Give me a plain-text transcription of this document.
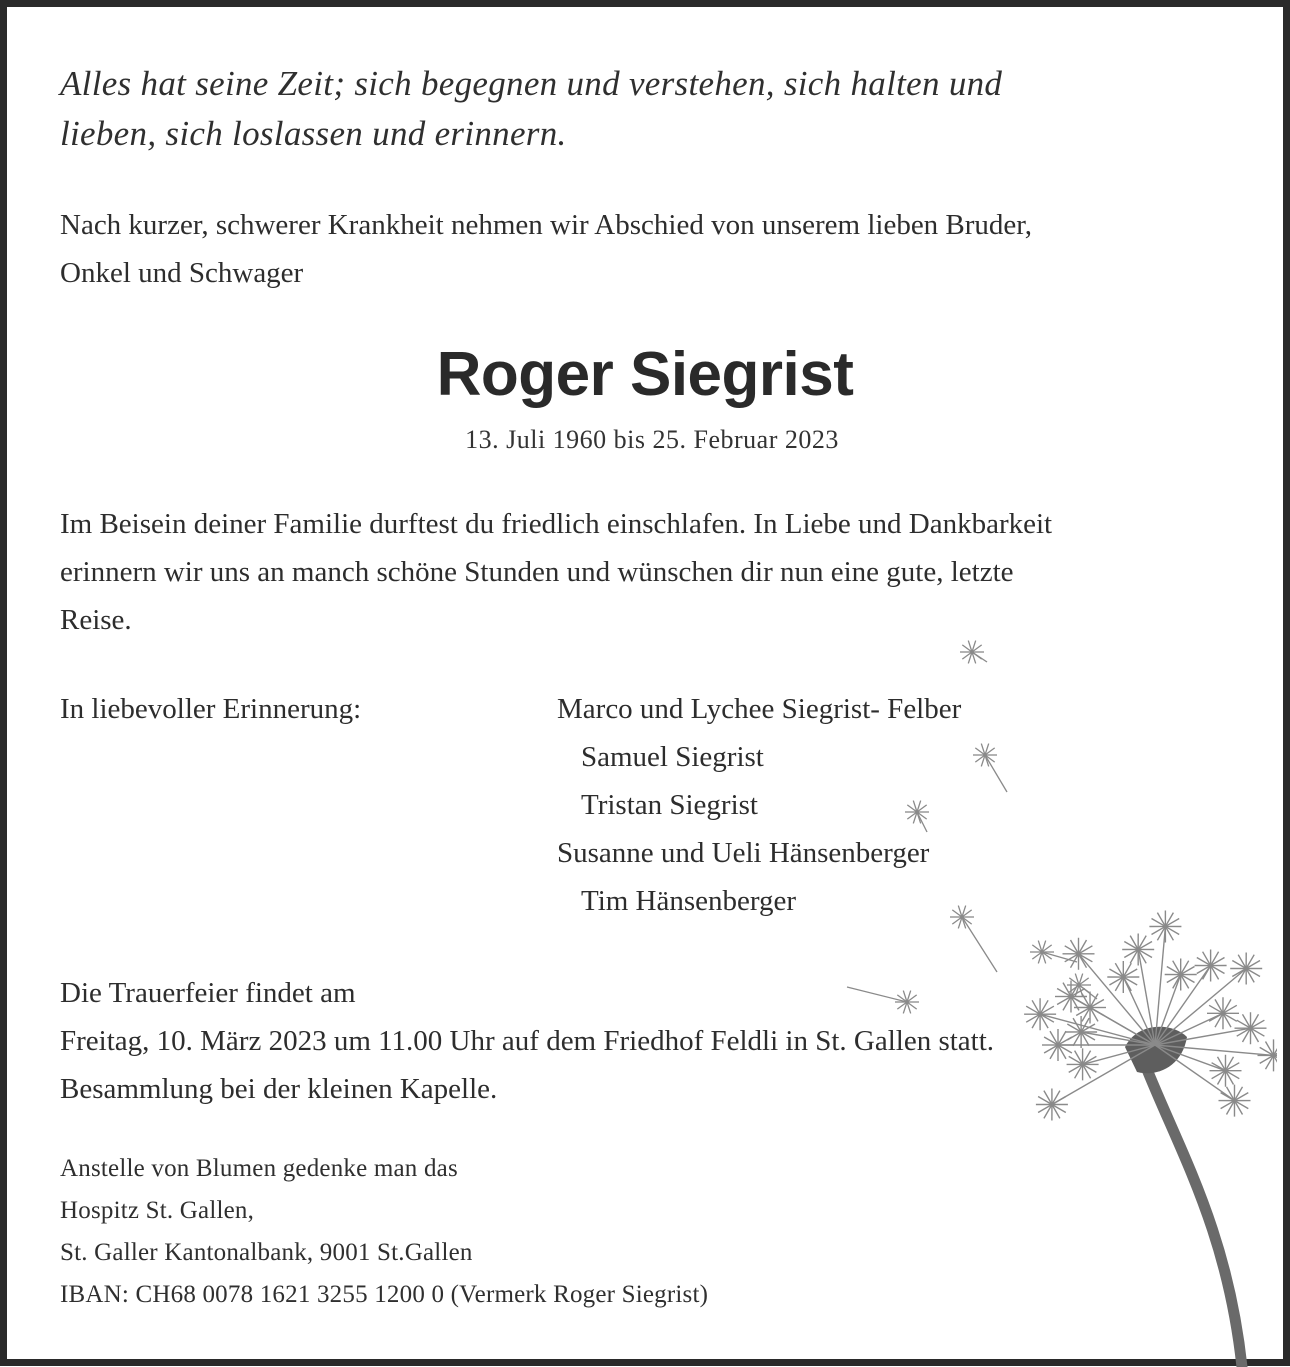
Alles hat seine Zeit; sich begegnen und verstehen, sich halten und
lieben, sich loslassen und erinnern.
Nach kurzer, schwerer Krankheit nehmen wir Abschied von unserem lieben Bruder,
Onkel und Schwager
Roger Siegrist
13. Juli 1960 bis 25. Februar 2023
Im Beisein deiner Familie durftest du friedlich einschlafen. In Liebe und Dankbarkeit
erinnern wir uns an manch schöne Stunden und wünschen dir nun eine gute, letzte
Reise.
In liebevoller Erinnerung:	Marco und Lychee Siegrist- Felber
Samuel Siegrist
Tristan Siegrist
Susanne und Ueli Hänsenberger
Tim Hänsenberger
Die Trauerfeier findet am
Freitag, 10. März 2023 um 11.00 Uhr auf dem Friedhof Feldli in St. Gallen statt.
Besammlung bei der kleinen Kapelle.
Anstelle von Blumen gedenke man das
Hospitz St. Gallen,
St. Galler Kantonalbank, 9001 St.Gallen
IBAN: CH68 0078 1621 3255 1200 0 (Vermerk Roger Siegrist)
